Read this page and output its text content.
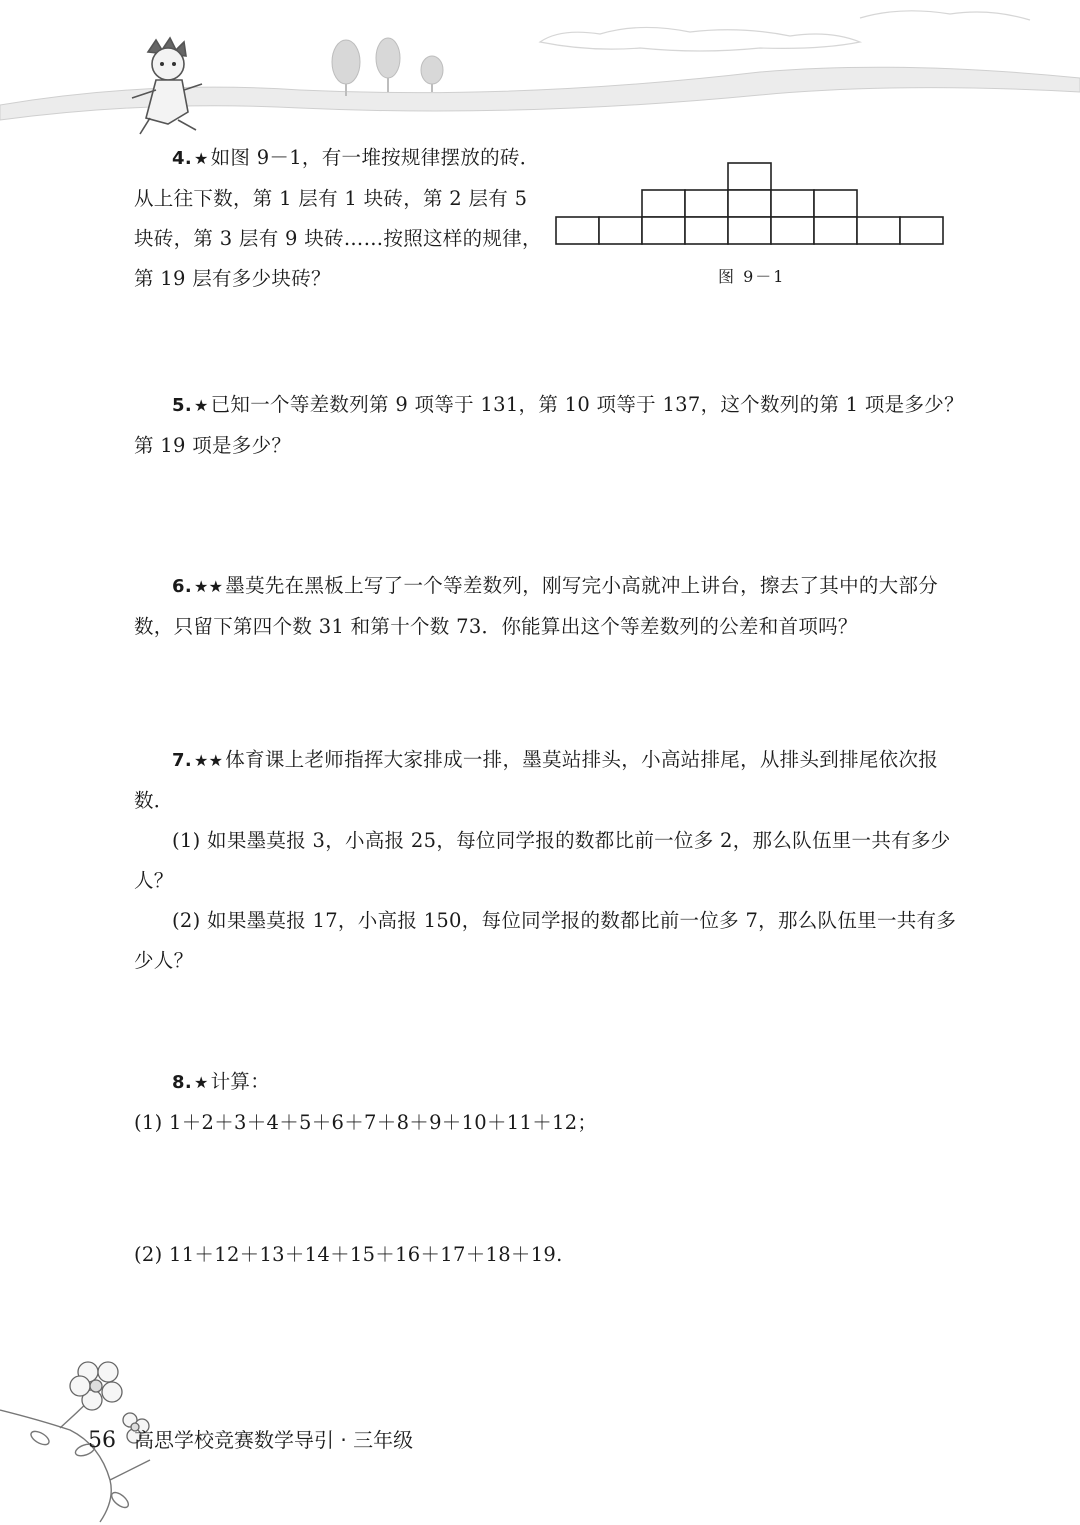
4. ★ 如图 9－1，有一堆按规律摆放的砖．从上往下数，第 1 层有 1 块砖，第 2 层有 5 块砖，第 3 层有 9 块砖……按照这样的规律，第 19 层有多少块砖？	图 9－1

5. ★ 已知一个等差数列第 9 项等于 131，第 10 项等于 137，这个数列的第 1 项是多少？第 19 项是多少？

6. ★★ 墨莫先在黑板上写了一个等差数列，刚写完小高就冲上讲台，擦去了其中的大部分数，只留下第四个数 31 和第十个数 73．你能算出这个等差数列的公差和首项吗？

7. ★★ 体育课上老师指挥大家排成一排，墨莫站排头，小高站排尾，从排头到排尾依次报数．

(1) 如果墨莫报 3，小高报 25，每位同学报的数都比前一位多 2，那么队伍里一共有多少人？

(2) 如果墨莫报 17，小高报 150，每位同学报的数都比前一位多 7，那么队伍里一共有多少人？

8. ★ 计算：

(1) 1＋2＋3＋4＋5＋6＋7＋8＋9＋10＋11＋12；

(2) 11＋12＋13＋14＋15＋16＋17＋18＋19.

56 高思学校竞赛数学导引 · 三年级
